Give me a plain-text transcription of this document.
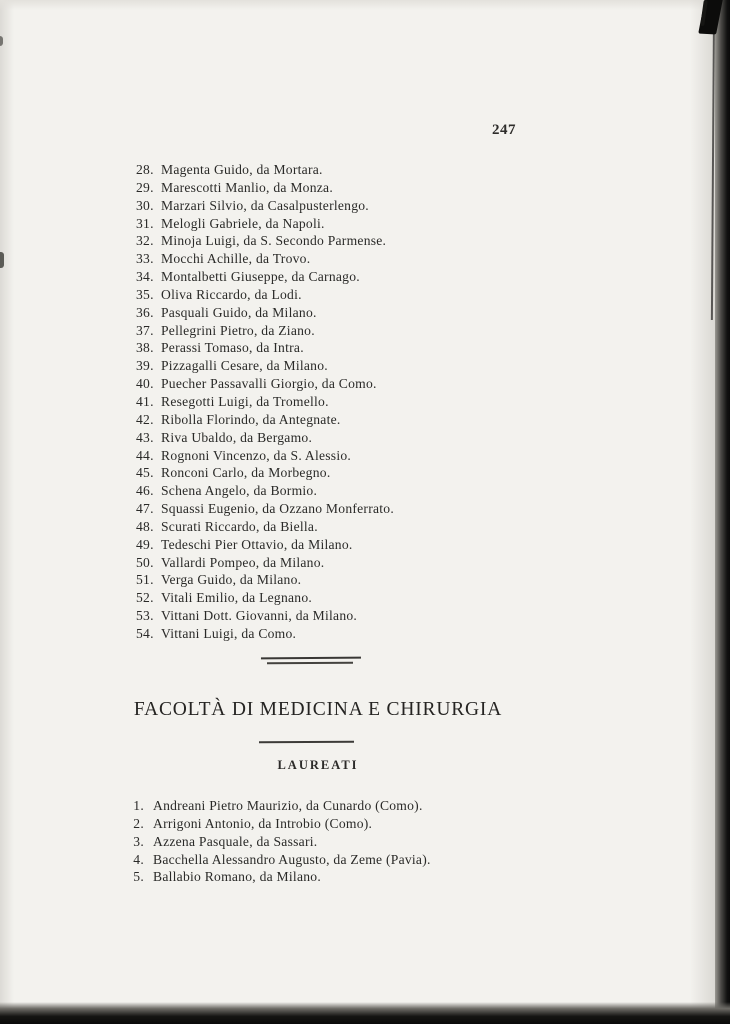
247
28. Magenta Guido, da Mortara.
29. Marescotti Manlio, da Monza.
30. Marzari Silvio, da Casalpusterlengo.
31. Melogli Gabriele, da Napoli.
32. Minoja Luigi, da S. Secondo Parmense.
33. Mocchi Achille, da Trovo.
34. Montalbetti Giuseppe, da Carnago.
35. Oliva Riccardo, da Lodi.
36. Pasquali Guido, da Milano.
37. Pellegrini Pietro, da Ziano.
38. Perassi Tomaso, da Intra.
39. Pizzagalli Cesare, da Milano.
40. Puecher Passavalli Giorgio, da Como.
41. Resegotti Luigi, da Tromello.
42. Ribolla Florindo, da Antegnate.
43. Riva Ubaldo, da Bergamo.
44. Rognoni Vincenzo, da S. Alessio.
45. Ronconi Carlo, da Morbegno.
46. Schena Angelo, da Bormio.
47. Squassi Eugenio, da Ozzano Monferrato.
48. Scurati Riccardo, da Biella.
49. Tedeschi Pier Ottavio, da Milano.
50. Vallardi Pompeo, da Milano.
51. Verga Guido, da Milano.
52. Vitali Emilio, da Legnano.
53. Vittani Dott. Giovanni, da Milano.
54. Vittani Luigi, da Como.
FACOLTÀ DI MEDICINA E CHIRURGIA
LAUREATI
1. Andreani Pietro Maurizio, da Cunardo (Como).
2. Arrigoni Antonio, da Introbio (Como).
3. Azzena Pasquale, da Sassari.
4. Bacchella Alessandro Augusto, da Zeme (Pavia).
5. Ballabio Romano, da Milano.
